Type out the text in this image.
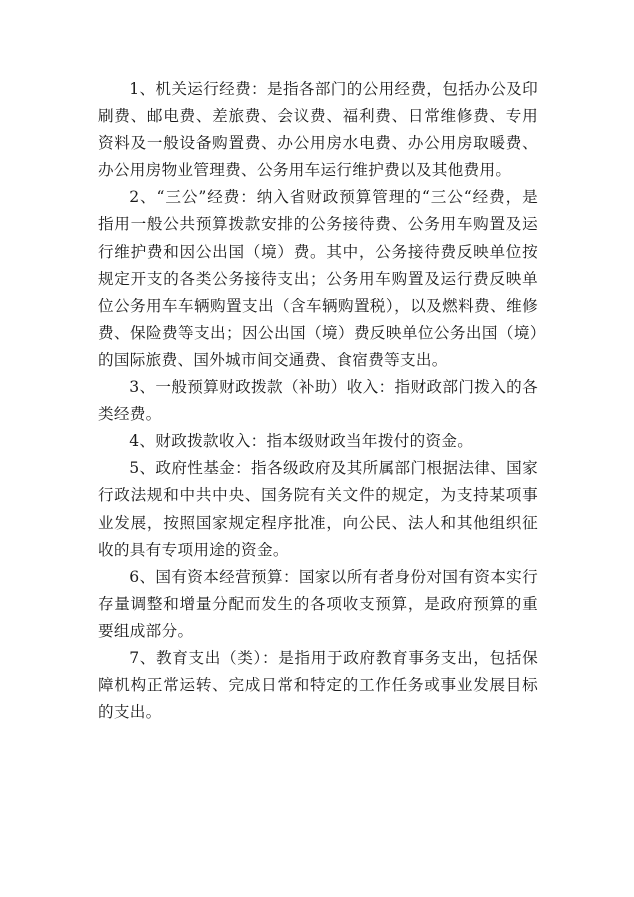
1、机关运行经费：是指各部门的公用经费，包括办公及印刷费、邮电费、差旅费、会议费、福利费、日常维修费、专用资料及一般设备购置费、办公用房水电费、办公用房取暖费、办公用房物业管理费、公务用车运行维护费以及其他费用。

2、“三公”经费：纳入省财政预算管理的“三公“经费，是指用一般公共预算拨款安排的公务接待费、公务用车购置及运行维护费和因公出国（境）费。其中，公务接待费反映单位按规定开支的各类公务接待支出；公务用车购置及运行费反映单位公务用车车辆购置支出（含车辆购置税），以及燃料费、维修费、保险费等支出；因公出国（境）费反映单位公务出国（境）的国际旅费、国外城市间交通费、食宿费等支出。

3、一般预算财政拨款（补助）收入：指财政部门拨入的各类经费。

4、财政拨款收入：指本级财政当年拨付的资金。

5、政府性基金：指各级政府及其所属部门根据法律、国家行政法规和中共中央、国务院有关文件的规定，为支持某项事业发展，按照国家规定程序批准，向公民、法人和其他组织征收的具有专项用途的资金。

6、国有资本经营预算：国家以所有者身份对国有资本实行存量调整和增量分配而发生的各项收支预算，是政府预算的重要组成部分。

7、教育支出（类）：是指用于政府教育事务支出，包括保障机构正常运转、完成日常和特定的工作任务或事业发展目标的支出。
